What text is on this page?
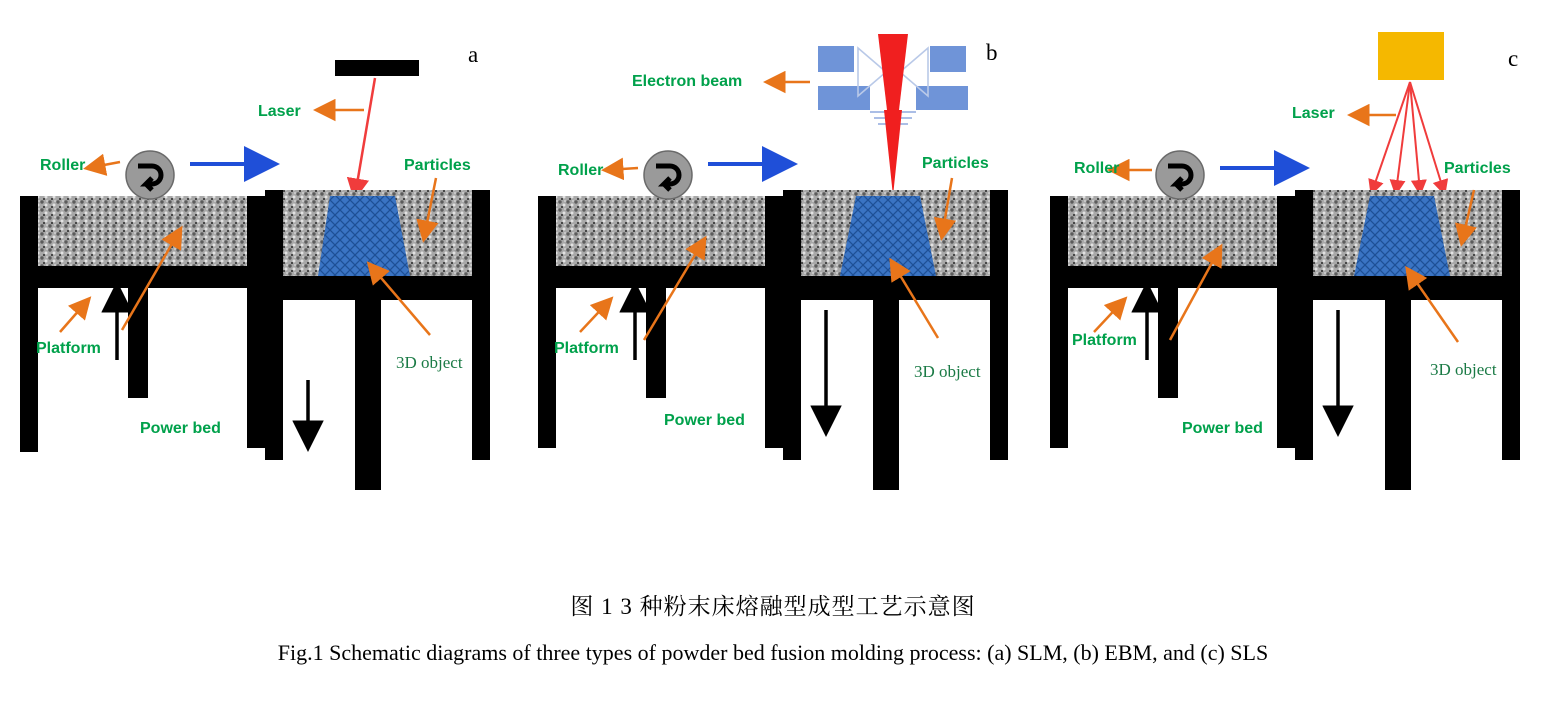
a
Laser
Roller	Particles
Platform
Power bed
3D object
b
Electron beam
Roller	Particles
Platform
Power bed
3D object
c
Laser
Roller	Particles
Platform
Power bed
3D object
图 1 3 种粉末床熔融型成型工艺示意图
Fig.1 Schematic diagrams of three types of powder bed fusion molding process: (a) SLM, (b) EBM, and (c) SLS
